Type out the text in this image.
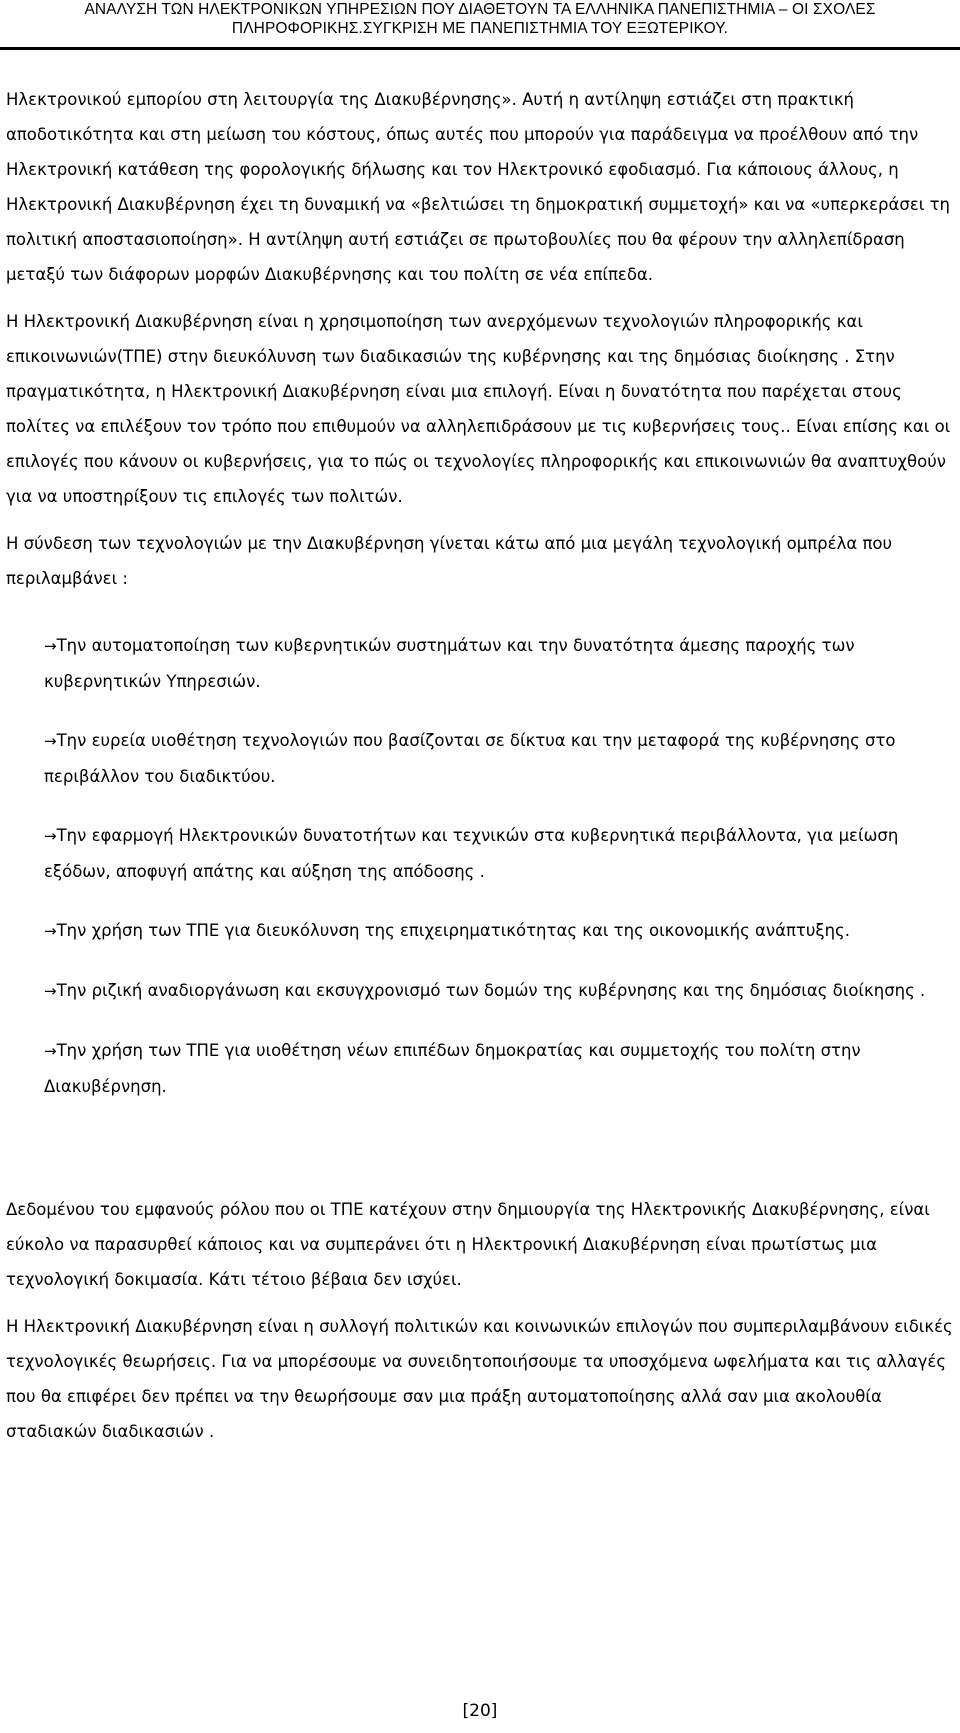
ΑΝΑΛΥΣΗ ΤΩΝ ΗΛΕΚΤΡΟΝΙΚΩΝ ΥΠΗΡΕΣΙΩΝ ΠΟΥ ΔΙΑΘΕΤΟΥΝ ΤΑ ΕΛΛΗΝΙΚΑ ΠΑΝΕΠΙΣΤΗΜΙΑ – ΟΙ ΣΧΟΛΕΣ
ΠΛΗΡΟΦΟΡΙΚΗΣ.ΣΥΓΚΡΙΣΗ ΜΕ ΠΑΝΕΠΙΣΤΗΜΙΑ ΤΟΥ ΕΞΩΤΕΡΙΚΟΥ.

Ηλεκτρονικού εμπορίου στη λειτουργία της Διακυβέρνησης». Αυτή η αντίληψη εστιάζει στη πρακτική αποδοτικότητα και στη μείωση του κόστους, όπως αυτές που μπορούν για παράδειγμα να προέλθουν από την Ηλεκτρονική κατάθεση της φορολογικής δήλωσης και τον Ηλεκτρονικό εφοδιασμό. Για κάποιους άλλους, η Ηλεκτρονική Διακυβέρνηση έχει τη δυναμική να «βελτιώσει τη δημοκρατική συμμετοχή» και να «υπερκεράσει τη πολιτική αποστασιοποίηση». Η αντίληψη αυτή εστιάζει σε πρωτοβουλίες που θα φέρουν την αλληλεπίδραση μεταξύ των διάφορων μορφών Διακυβέρνησης και του πολίτη σε νέα επίπεδα.

Η Ηλεκτρονική Διακυβέρνηση είναι η χρησιμοποίηση των ανερχόμενων τεχνολογιών πληροφορικής και επικοινωνιών(ΤΠΕ) στην διευκόλυνση των διαδικασιών της κυβέρνησης και της δημόσιας διοίκησης . Στην πραγματικότητα, η Ηλεκτρονική Διακυβέρνηση είναι μια επιλογή. Είναι η δυνατότητα που παρέχεται στους πολίτες να επιλέξουν τον τρόπο που επιθυμούν να αλληλεπιδράσουν με τις κυβερνήσεις τους.. Είναι επίσης και οι επιλογές που κάνουν οι κυβερνήσεις, για το πώς οι τεχνολογίες πληροφορικής και επικοινωνιών θα αναπτυχθούν για να υποστηρίξουν τις επιλογές των πολιτών.

Η σύνδεση των τεχνολογιών με την Διακυβέρνηση γίνεται κάτω από μια μεγάλη τεχνολογική ομπρέλα που περιλαμβάνει :

→Την αυτοματοποίηση των κυβερνητικών συστημάτων και την δυνατότητα άμεσης παροχής των κυβερνητικών Υπηρεσιών.
→Την ευρεία υιοθέτηση τεχνολογιών που βασίζονται σε δίκτυα και την μεταφορά της κυβέρνησης στο περιβάλλον του διαδικτύου.
→Την εφαρμογή Ηλεκτρονικών δυνατοτήτων και τεχνικών στα κυβερνητικά περιβάλλοντα, για μείωση εξόδων, αποφυγή απάτης και αύξηση της απόδοσης .
→Την χρήση των ΤΠΕ για διευκόλυνση της επιχειρηματικότητας και της οικονομικής ανάπτυξης.
→Την ριζική αναδιοργάνωση και εκσυγχρονισμό των δομών της κυβέρνησης και της δημόσιας διοίκησης .
→Την χρήση των ΤΠΕ για υιοθέτηση νέων επιπέδων δημοκρατίας και συμμετοχής του πολίτη στην Διακυβέρνηση.

Δεδομένου του εμφανούς ρόλου που οι ΤΠΕ κατέχουν στην δημιουργία της Ηλεκτρονικής Διακυβέρνησης, είναι εύκολο να παρασυρθεί κάποιος και να συμπεράνει ότι η Ηλεκτρονική Διακυβέρνηση είναι πρωτίστως μια τεχνολογική δοκιμασία. Κάτι τέτοιο βέβαια δεν ισχύει.

Η Ηλεκτρονική Διακυβέρνηση είναι η συλλογή πολιτικών και κοινωνικών επιλογών που συμπεριλαμβάνουν ειδικές τεχνολογικές θεωρήσεις. Για να μπορέσουμε να συνειδητοποιήσουμε τα υποσχόμενα ωφελήματα και τις αλλαγές που θα επιφέρει δεν πρέπει να την θεωρήσουμε σαν μια πράξη αυτοματοποίησης αλλά σαν μια ακολουθία σταδιακών διαδικασιών .

[20]
